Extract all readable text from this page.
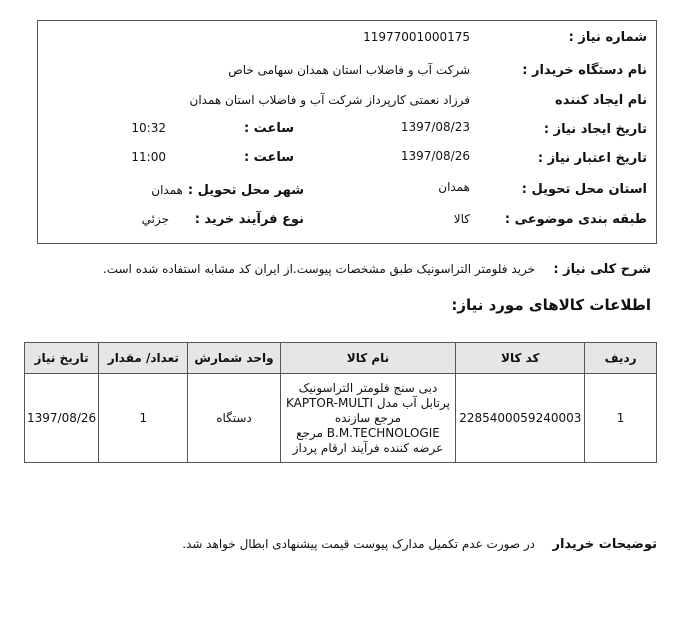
شماره نیاز :
11977001000175
نام دستگاه خریدار :
شرکت آب و فاضلاب استان همدان سهامی خاص
نام ایجاد کننده
فرزاد نعمتی کارپرداز شرکت آب و فاضلاب استان همدان
تاریخ ایجاد نیاز :
1397/08/23
ساعت :
10:32
تاریخ اعتبار نیاز :
1397/08/26
ساعت :
11:00
استان محل تحویل :
همدان
شهر محل تحویل :
همدان
طبقه بندی موضوعی :
کالا
نوع فرآیند خرید :
جزئي
شرح کلی نیاز :
خرید فلومتر التراسونیک طبق مشخصات پیوست.از ایران کد مشابه استفاده شده است.
اطلاعات کالاهای مورد نیاز:
ردیف	کد کالا	نام کالا	واحد شمارش	تعداد/ مقدار	تاریخ نیاز
1	2285400059240003	دبی سنج فلومتر التراسونیک
پرتابل آب مدل KAPTOR-MULTI
مرجع سازنده
B.M.TECHNOLOGIE مرجع
عرضه کننده فرآیند ارقام پرداز	دستگاه	1	1397/08/26
توضیحات خریدار
در صورت عدم تکمیل مدارک پیوست قیمت پیشنهادی ابطال خواهد شد.
